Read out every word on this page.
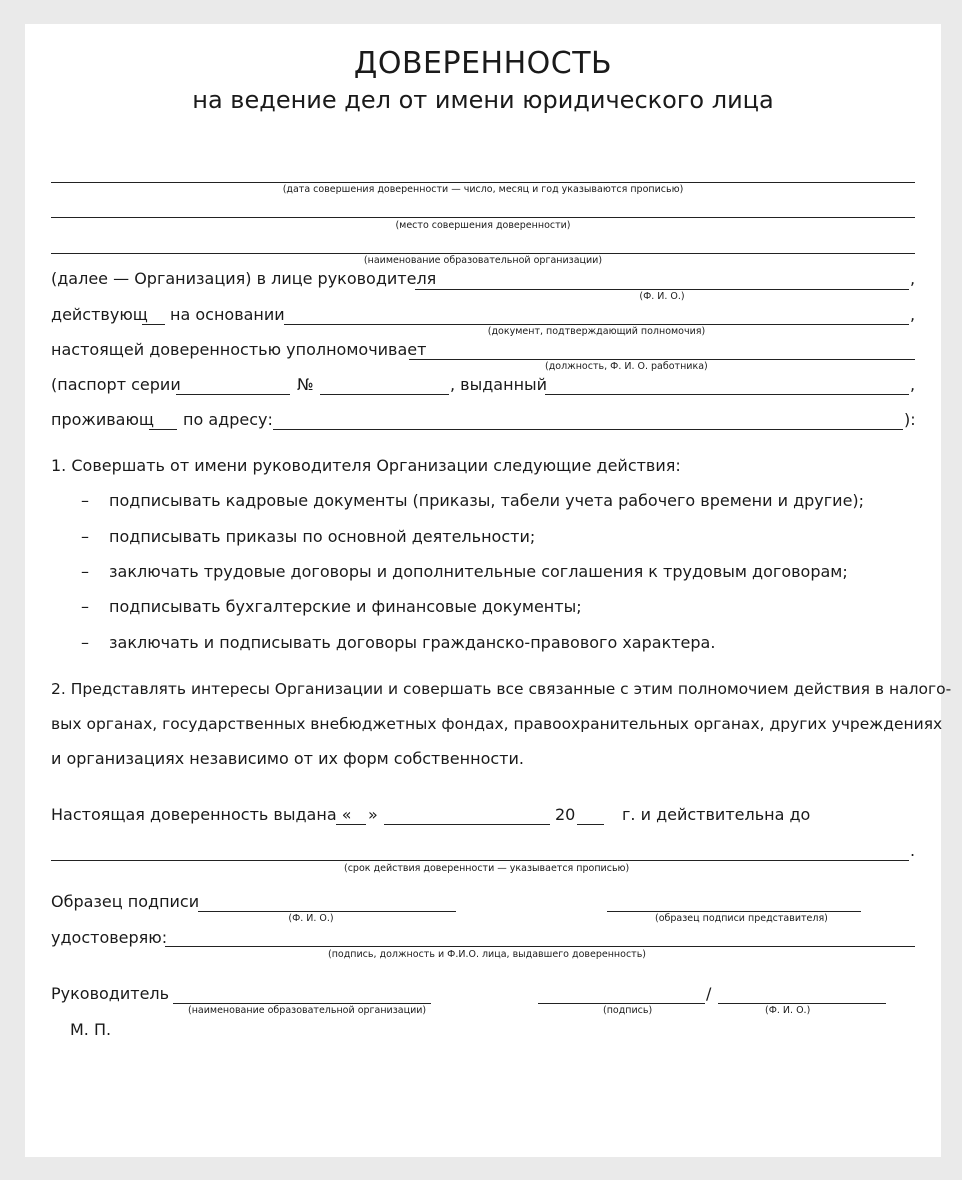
ДОВЕРЕННОСТЬ
на ведение дел от имени юридического лица
(дата совершения доверенности — число, месяц и год указываются прописью)
(место совершения доверенности)
(наименование образовательной организации)
(далее — Организация) в лице руководителя	,
(Ф. И. О.)
действующ на основании	,
(документ, подтверждающий полномочия)
настоящей доверенностью уполномочивает
(должность, Ф. И. О. работника)
(паспорт серии	№	, выданный	,
проживающ по адресу:	):
1. Совершать от имени руководителя Организации следующие действия:
– подписывать кадровые документы (приказы, табели учета рабочего времени и другие);
– подписывать приказы по основной деятельности;
– заключать трудовые договоры и дополнительные соглашения к трудовым договорам;
– подписывать бухгалтерские и финансовые документы;
– заключать и подписывать договоры гражданско-правового характера.
2. Представлять интересы Организации и совершать все связанные с этим полномочием действия в налого-
вых органах, государственных внебюджетных фондах, правоохранительных органах, других учреждениях
и организациях независимо от их форм собственности.
Настоящая доверенность выдана « »	20	г. и действительна до
.
(срок действия доверенности — указывается прописью)
Образец подписи
(Ф. И. О.)	(образец подписи представителя)
удостоверяю:
(подпись, должность и Ф.И.О. лица, выдавшего доверенность)
Руководитель
(наименование образовательной организации)
/
(подпись)	(Ф. И. О.)
М. П.
